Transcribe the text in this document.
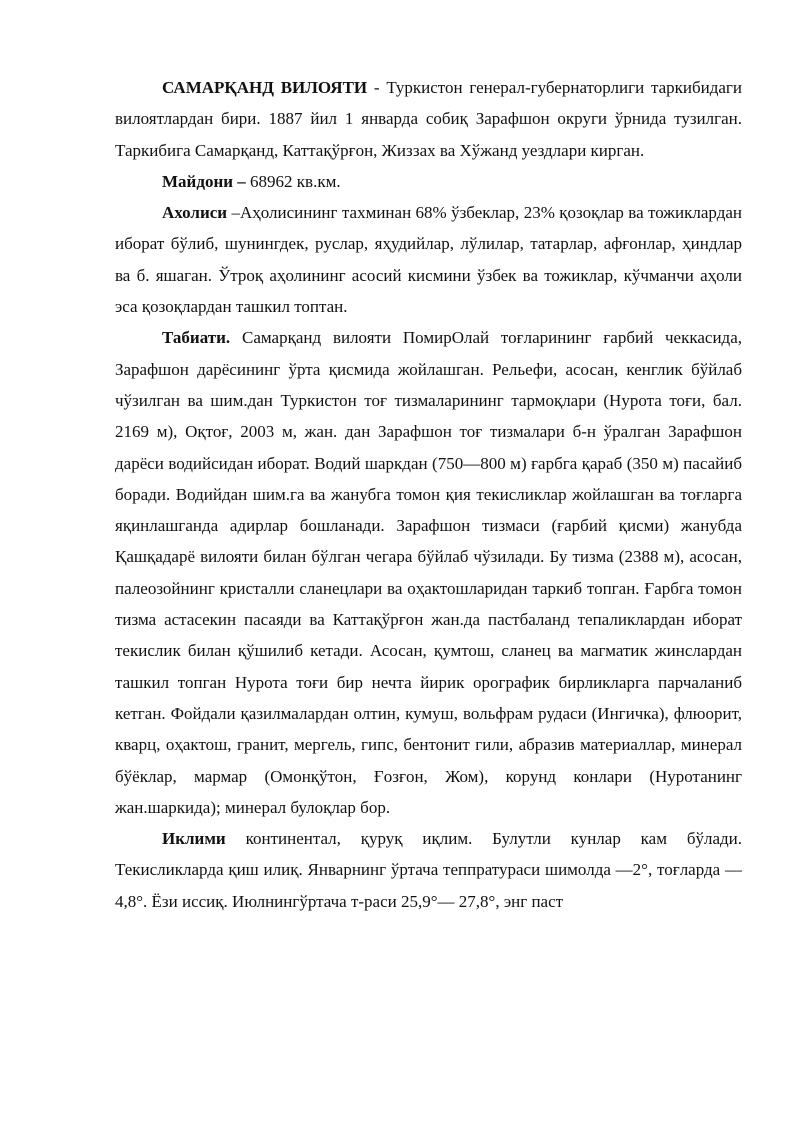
САМАРҚАНД ВИЛОЯТИ - Туркистон генерал-губернаторлиги таркибидаги вилоятлардан бири. 1887 йил 1 январда собиқ Зарафшон округи ўрнида тузилган. Таркибига Самарқанд, Каттақўрғон, Жиззах ва Хўжанд уездлари кирган.

Майдони – 68962 кв.км.

Ахолиси –Аҳолисининг тахминан 68% ўзбеклар, 23% қозоқлар ва тожиклардан иборат бўлиб, шунингдек, руслар, яҳудийлар, лўлилар, татарлар, афғонлар, ҳиндлар ва б. яшаган. Ўтроқ аҳолининг асосий кисмини ўзбек ва тожиклар, кўчманчи аҳоли эса қозоқлардан ташкил топтан.

Табиати. Самарқанд вилояти ПомирОлай тоғларининг ғарбий чеккасида, Зарафшон дарёсининг ўрта қисмида жойлашган. Рельефи, асосан, кенглик бўйлаб чўзилган ва шим.дан Туркистон тоғ тизмаларининг тармоқлари (Нурота тоғи, бал. 2169 м), Оқтоғ, 2003 м, жан. дан Зарафшон тоғ тизмалари б-н ўралган Зарафшон дарёси водийсидан иборат. Водий шаркдан (750—800 м) ғарбга қараб (350 м) пасайиб боради. Водийдан шим.га ва жанубга томон қия текисликлар жойлашган ва тоғларга яқинлашганда адирлар бошланади. Зарафшон тизмаси (ғарбий қисми) жанубда Қашқадарё вилояти билан бўлган чегара бўйлаб чўзилади. Бу тизма (2388 м), асосан, палеозойнинг кристалли сланецлари ва оҳактошларидан таркиб топган. Ғарбга томон тизма астасекин пасаяди ва Каттақўрғон жан.да пастбаланд тепаликлардан иборат текислик билан қўшилиб кетади. Асосан, қумтош, сланец ва магматик жинслардан ташкил топган Нурота тоғи бир нечта йирик орографик бирликларга парчаланиб кетган. Фойдали қазилмалардан олтин, кумуш, вольфрам рудаси (Ингичка), флюорит, кварц, оҳактош, гранит, мергель, гипс, бентонит гили, абразив материаллар, минерал бўёклар, мармар (Омонқўтон, Ғозғон, Жом), корунд конлари (Нуротанинг жан.шаркида); минерал булоқлар бор.

Иклими континентал, қуруқ иқлим. Булутли кунлар кам бўлади. Текисликларда қиш илиқ. Январнинг ўртача теппратураси шимолда —2°, тоғларда —4,8°. Ёзи иссиқ. Июлнингўртача т-раси 25,9°— 27,8°, энг паст
